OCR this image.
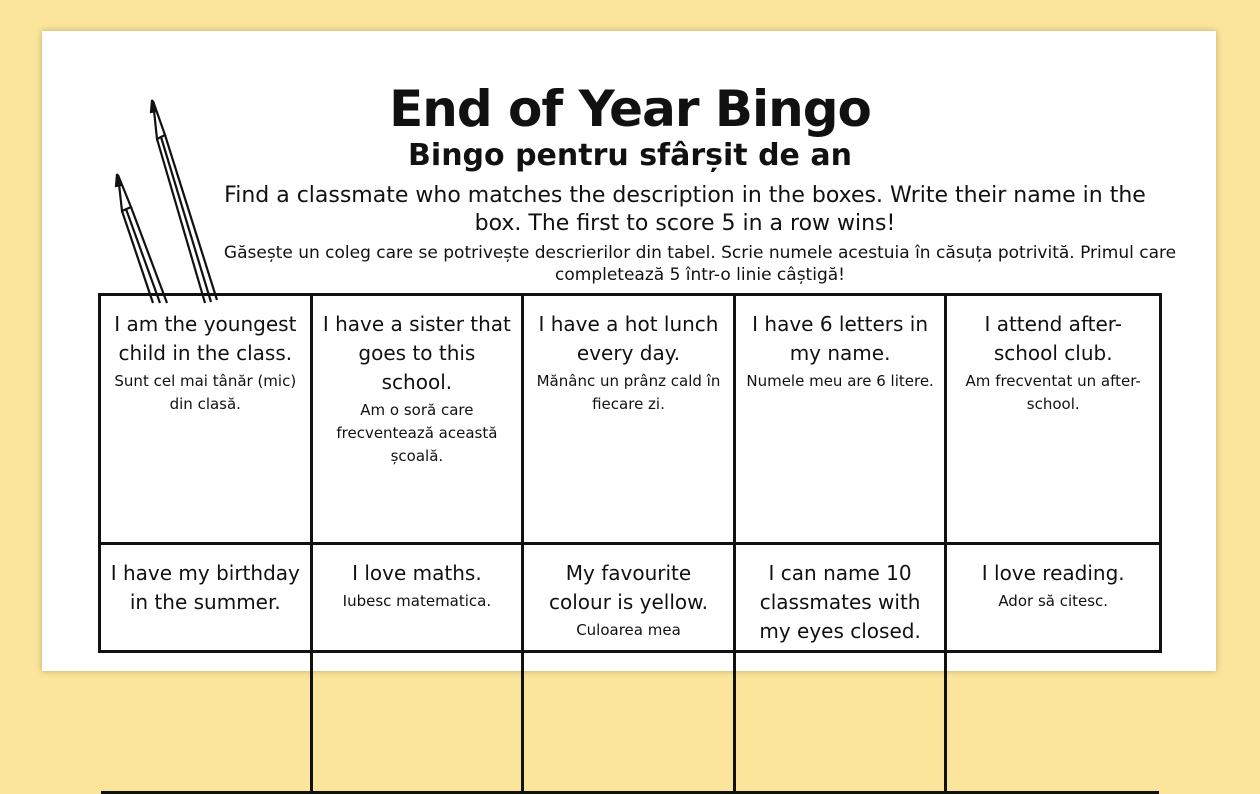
End of Year Bingo
Bingo pentru sfârșit de an
Find a classmate who matches the description in the boxes. Write their name in the box. The first to score 5 in a row wins!
Găsește un coleg care se potrivește descrierilor din tabel. Scrie numele acestuia în căsuța potrivită. Primul care completează 5 într-o linie câștigă!
I am the youngest child in the class.
Sunt cel mai tânăr (mic) din clasă.
I have a sister that goes to this school.
Am o soră care frecventează această școală.
I have a hot lunch every day.
Mănânc un prânz cald în fiecare zi.
I have 6 letters in my name.
Numele meu are 6 litere.
I attend after-school club.
Am frecventat un after-school.
I have my birthday in the summer.
I love maths.
Iubesc matematica.
My favourite colour is yellow.
Culoarea mea
I can name 10 classmates with my eyes closed.
I love reading.
Ador să citesc.
